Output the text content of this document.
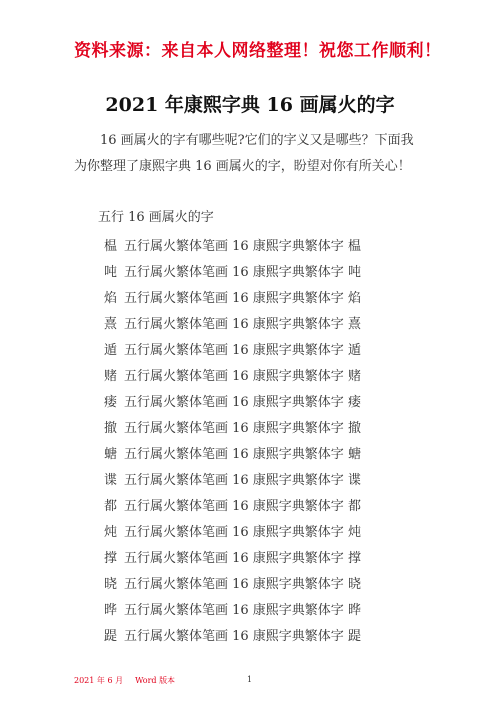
资料来源：来自本人网络整理！祝您工作顺利！
2021 年康熙字典 16 画属火的字
16 画属火的字有哪些呢?它们的字义又是哪些？下面我为你整理了康熙字典 16 画属火的字，盼望对你有所关心！
五行 16 画属火的字
榅 五行属火繁体笔画 16 康熙字典繁体字 榅
吨 五行属火繁体笔画 16 康熙字典繁体字 吨
焰 五行属火繁体笔画 16 康熙字典繁体字 焰
熹 五行属火繁体笔画 16 康熙字典繁体字 熹
遁 五行属火繁体笔画 16 康熙字典繁体字 遁
赌 五行属火繁体笔画 16 康熙字典繁体字 赌
瘘 五行属火繁体笔画 16 康熙字典繁体字 瘘
撤 五行属火繁体笔画 16 康熙字典繁体字 撤
螗 五行属火繁体笔画 16 康熙字典繁体字 螗
谍 五行属火繁体笔画 16 康熙字典繁体字 谍
都 五行属火繁体笔画 16 康熙字典繁体字 都
炖 五行属火繁体笔画 16 康熙字典繁体字 炖
撑 五行属火繁体笔画 16 康熙字典繁体字 撑
晓 五行属火繁体笔画 16 康熙字典繁体字 晓
晔 五行属火繁体笔画 16 康熙字典繁体字 晔
踶 五行属火繁体笔画 16 康熙字典繁体字 踶
2021 年 6 月 Word 版本	1
